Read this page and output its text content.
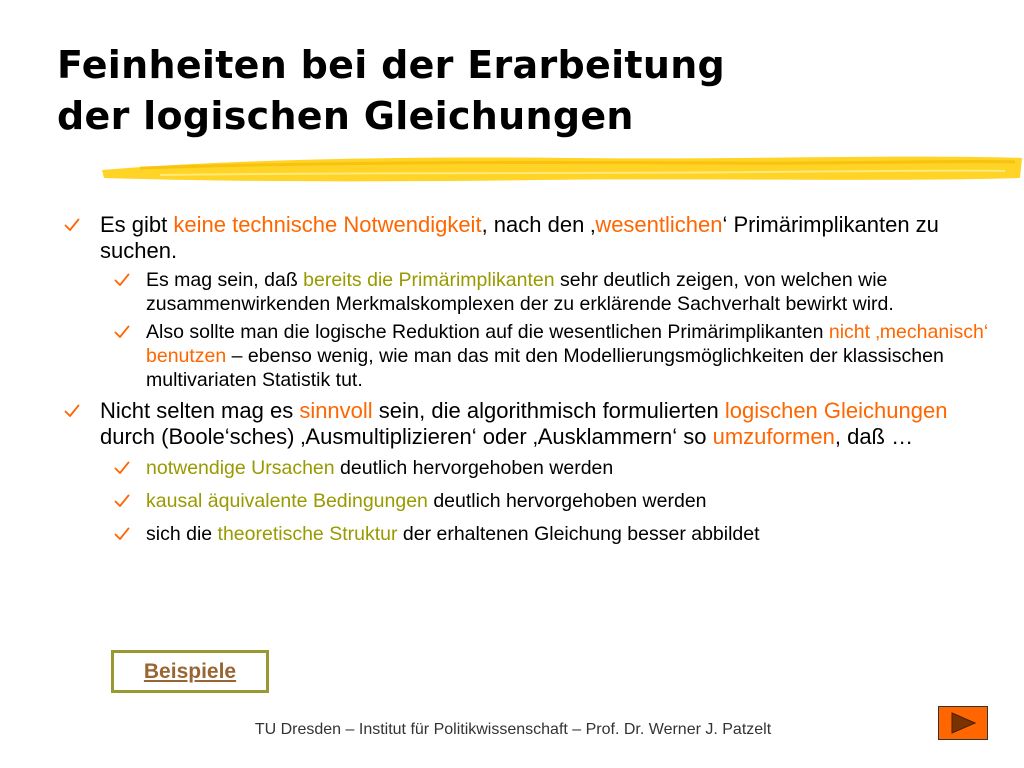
Feinheiten bei der Erarbeitung
der logischen Gleichungen
Es gibt keine technische Notwendigkeit, nach den ‚wesentlichen‘ Primärimplikanten zu suchen.
Es mag sein, daß bereits die Primärimplikanten sehr deutlich zeigen, von welchen wie zusammenwirkenden Merkmalskomplexen der zu erklärende Sachverhalt bewirkt wird.
Also sollte man die logische Reduktion auf die wesentlichen Primärimplikanten nicht ‚mechanisch‘ benutzen – ebenso wenig, wie man das mit den Modellierungsmöglichkeiten der klassischen multivariaten Statistik tut.
Nicht selten mag es sinnvoll sein, die algorithmisch formulierten logischen Gleichungen durch (Boole‘sches) ‚Ausmultiplizieren‘ oder ‚Ausklammern‘ so umzuformen, daß …
notwendige Ursachen deutlich hervorgehoben werden
kausal äquivalente Bedingungen deutlich hervorgehoben werden
sich die theoretische Struktur der erhaltenen Gleichung besser abbildet
Beispiele
TU Dresden – Institut für Politikwissenschaft – Prof. Dr. Werner J. Patzelt
